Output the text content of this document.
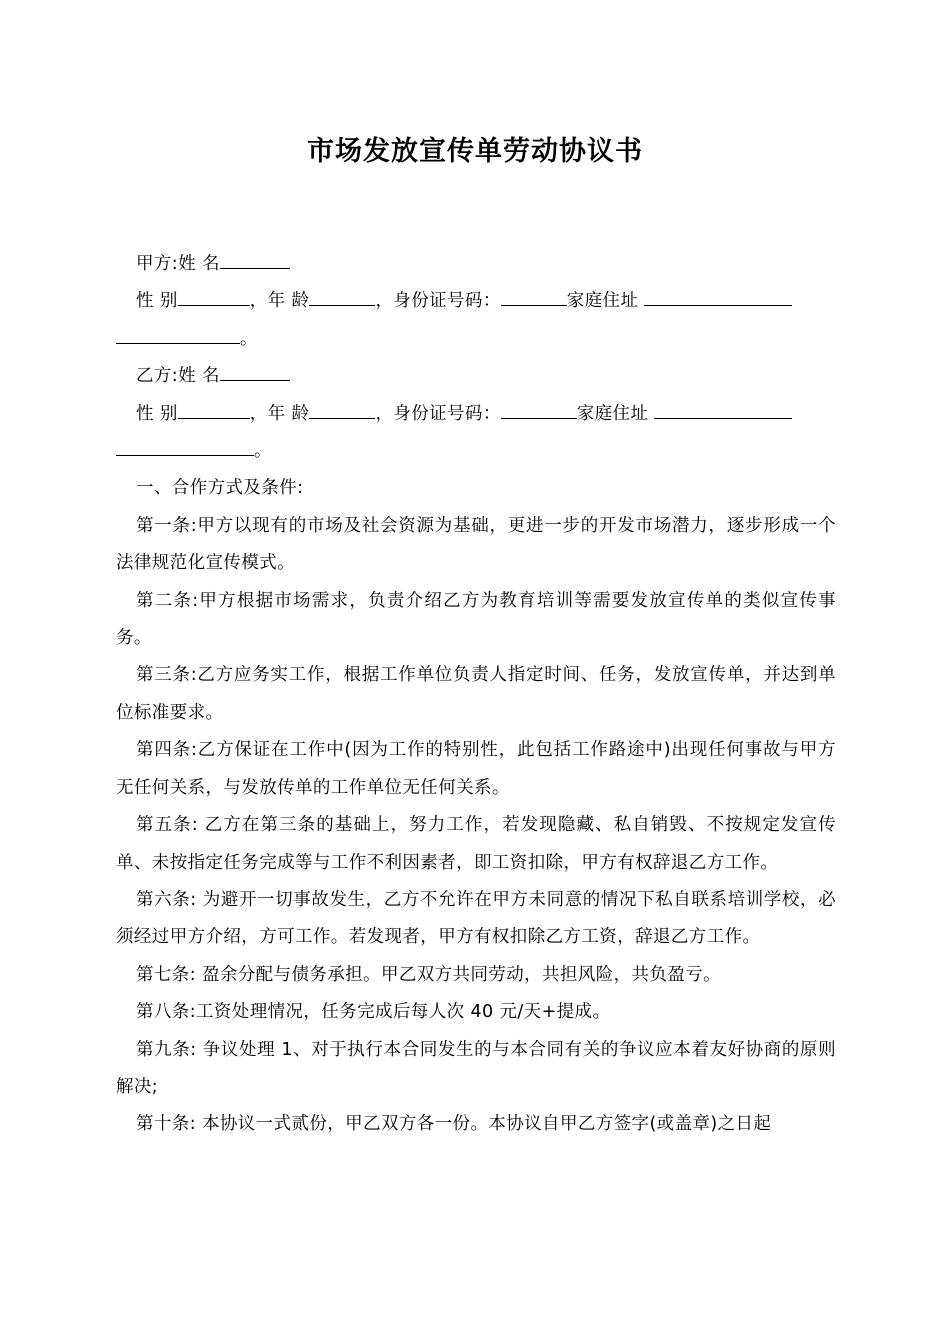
市场发放宣传单劳动协议书

甲方:姓 名

性 别	，年 龄	，身份证号码：	家庭住址

。

乙方:姓 名

性 别	，年 龄	，身份证号码：	家庭住址

。

一、合作方式及条件:

第一条:甲方以现有的市场及社会资源为基础，更进一步的开发市场潜力，逐步形成一个法律规范化宣传模式。

第二条:甲方根据市场需求，负责介绍乙方为教育培训等需要发放宣传单的类似宣传事务。

第三条:乙方应务实工作，根据工作单位负责人指定时间、任务，发放宣传单，并达到单位标准要求。

第四条:乙方保证在工作中(因为工作的特别性，此包括工作路途中)出现任何事故与甲方无任何关系，与发放传单的工作单位无任何关系。

第五条: 乙方在第三条的基础上，努力工作，若发现隐藏、私自销毁、不按规定发宣传单、未按指定任务完成等与工作不利因素者，即工资扣除，甲方有权辞退乙方工作。

第六条: 为避开一切事故发生，乙方不允许在甲方未同意的情况下私自联系培训学校，必须经过甲方介绍，方可工作。若发现者，甲方有权扣除乙方工资，辞退乙方工作。

第七条: 盈余分配与债务承担。甲乙双方共同劳动，共担风险，共负盈亏。

第八条:工资处理情况，任务完成后每人次 40 元/天+提成。

第九条: 争议处理 1、对于执行本合同发生的与本合同有关的争议应本着友好协商的原则解决;

第十条: 本协议一式贰份，甲乙双方各一份。本协议自甲乙方签字(或盖章)之日起
